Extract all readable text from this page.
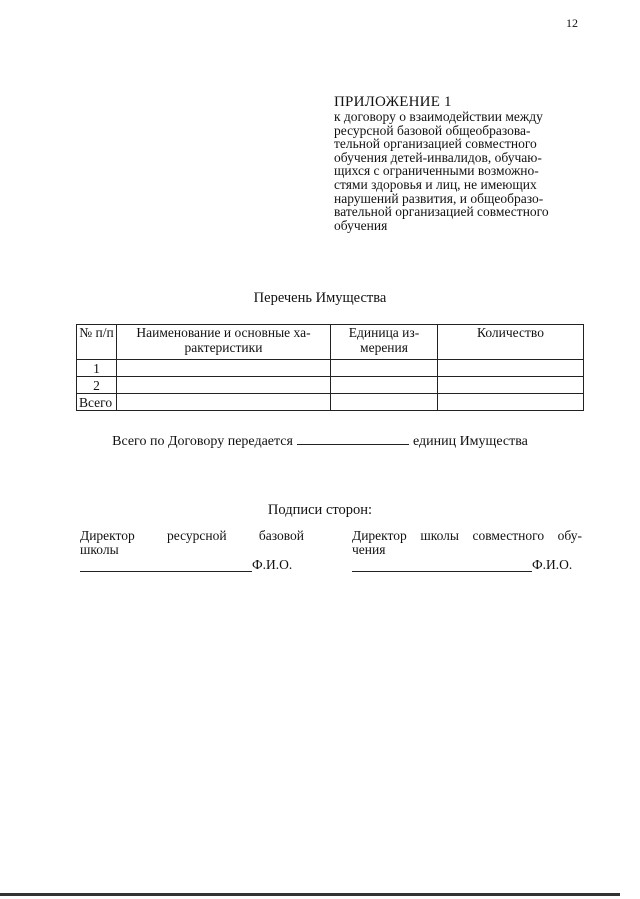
12
ПРИЛОЖЕНИЕ 1
к договору о взаимодействии между
ресурсной базовой общеобразова-
тельной организацией совместного
обучения детей-инвалидов, обучаю-
щихся с ограниченными возможно-
стями здоровья и лиц, не имеющих
нарушений развития, и общеобразо-
вательной организацией совместного
обучения
Перечень Имущества
№ п/п	Наименование и основные ха-рактеристики	Единица из-мерения	Количество
1			
2			
Всего			
Всего по Договору передается	единиц Имущества
Подписи сторон:
Директор ресурсной базовой
школы
Ф.И.О.
Директор школы совместного обу-
чения
Ф.И.О.
